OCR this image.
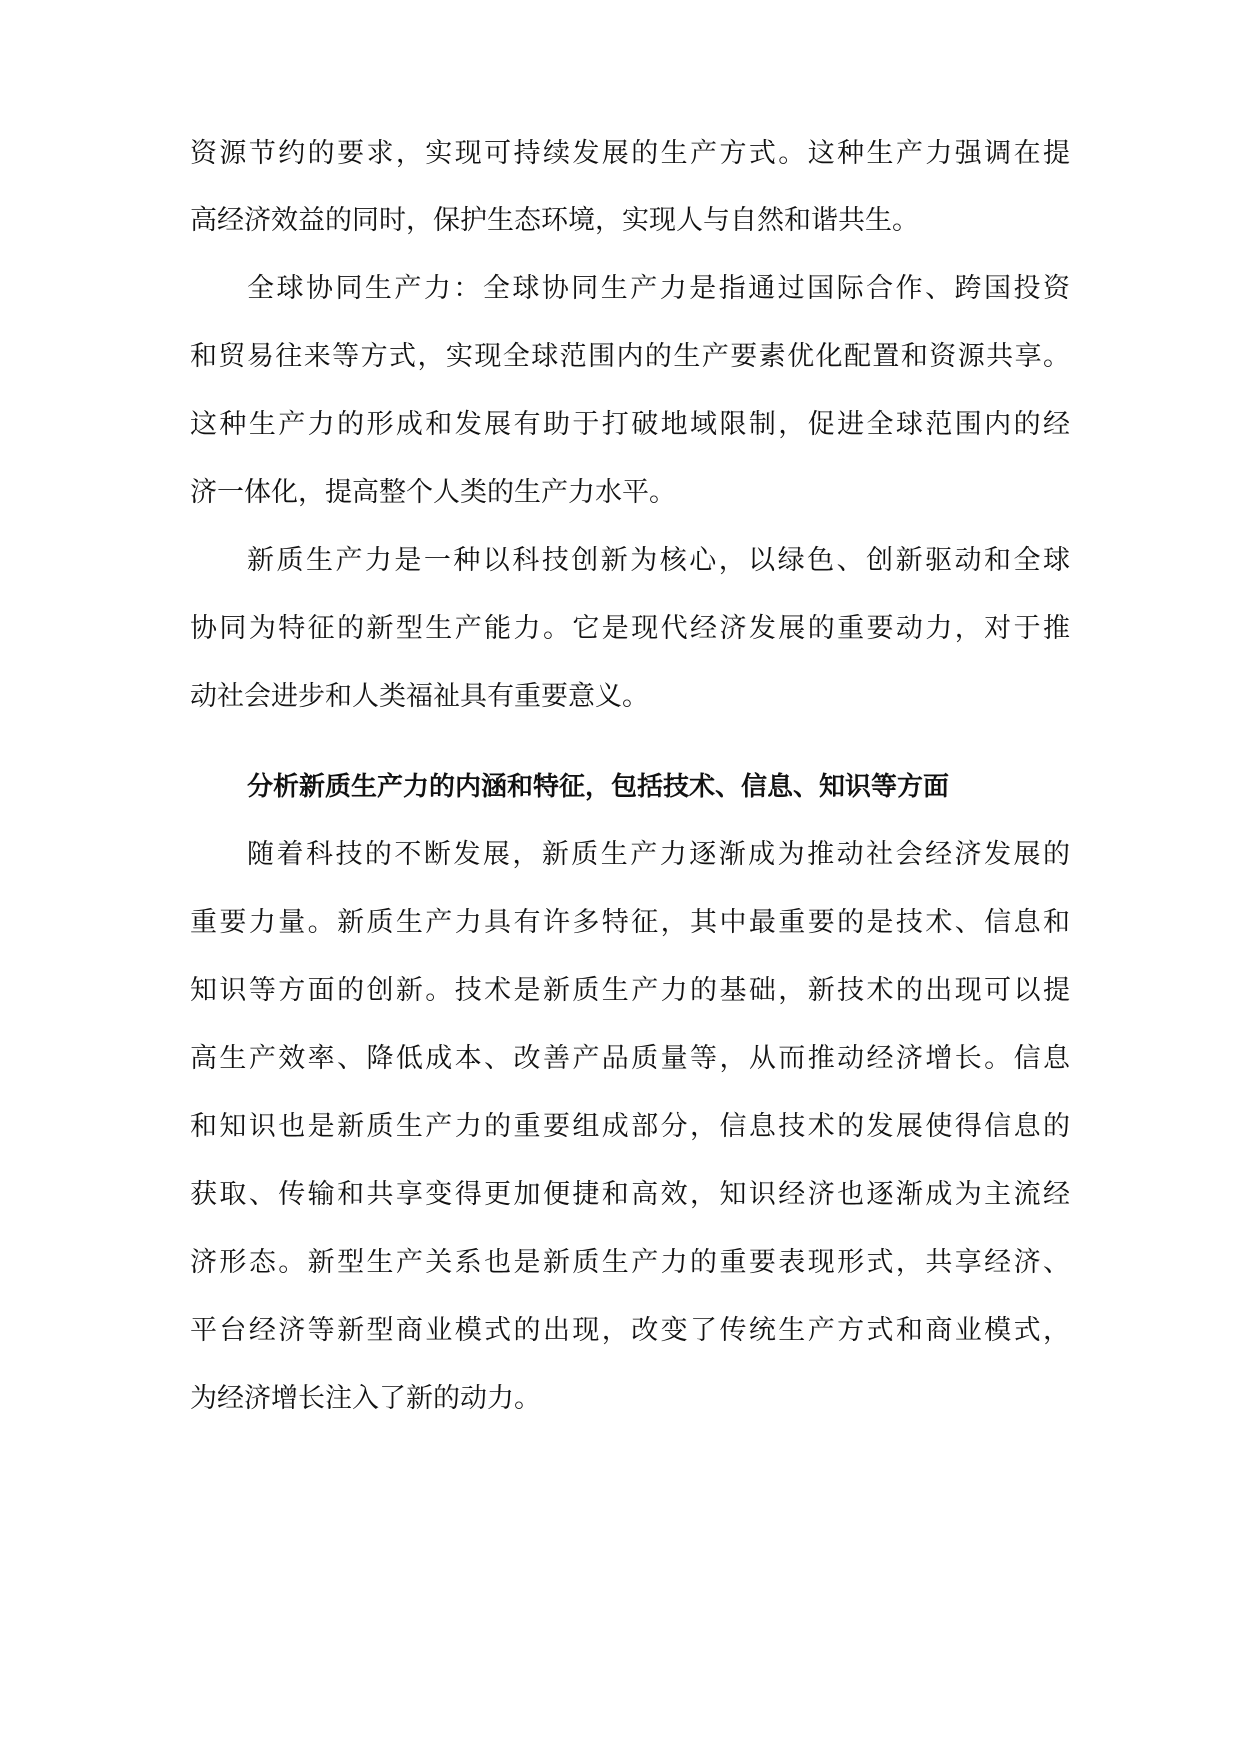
资源节约的要求，实现可持续发展的生产方式。这种生产力强调在提
高经济效益的同时，保护生态环境，实现人与自然和谐共生。
全球协同生产力：全球协同生产力是指通过国际合作、跨国投资
和贸易往来等方式，实现全球范围内的生产要素优化配置和资源共享。
这种生产力的形成和发展有助于打破地域限制，促进全球范围内的经
济一体化，提高整个人类的生产力水平。
新质生产力是一种以科技创新为核心，以绿色、创新驱动和全球
协同为特征的新型生产能力。它是现代经济发展的重要动力，对于推
动社会进步和人类福祉具有重要意义。
分析新质生产力的内涵和特征，包括技术、信息、知识等方面
随着科技的不断发展，新质生产力逐渐成为推动社会经济发展的
重要力量。新质生产力具有许多特征，其中最重要的是技术、信息和
知识等方面的创新。技术是新质生产力的基础，新技术的出现可以提
高生产效率、降低成本、改善产品质量等，从而推动经济增长。信息
和知识也是新质生产力的重要组成部分，信息技术的发展使得信息的
获取、传输和共享变得更加便捷和高效，知识经济也逐渐成为主流经
济形态。新型生产关系也是新质生产力的重要表现形式，共享经济、
平台经济等新型商业模式的出现，改变了传统生产方式和商业模式，
为经济增长注入了新的动力。
